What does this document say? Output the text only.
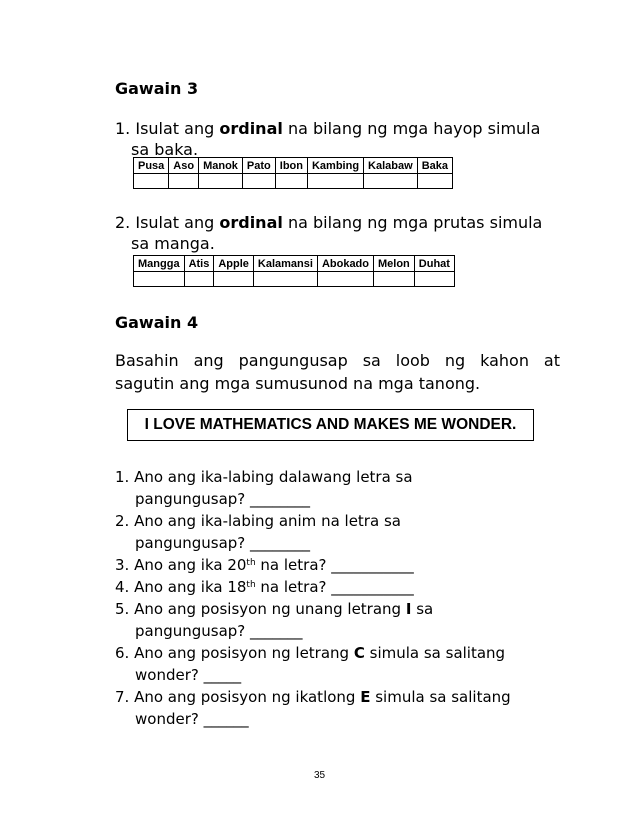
Gawain 3
1. Isulat ang ordinal na bilang ng mga hayop simula
sa baka.
Pusa	Aso	Manok	Pato	Ibon	Kambing	Kalabaw	Baka

2. Isulat ang ordinal na bilang ng mga prutas simula
sa manga.
Mangga	Atis	Apple	Kalamansi	Abokado	Melon	Duhat

Gawain 4
Basahin ang pangungusap sa loob ng kahon at
sagutin ang mga sumusunod na mga tanong.
I LOVE MATHEMATICS AND MAKES ME WONDER.
1. Ano ang ika-labing dalawang letra sa
pangungusap? ________
2. Ano ang ika-labing anim na letra sa
pangungusap? ________
3. Ano ang ika 20th na letra? ___________
4. Ano ang ika 18th na letra? ___________
5. Ano ang posisyon ng unang letrang I sa
pangungusap? _______
6. Ano ang posisyon ng letrang C simula sa salitang
wonder? _____
7. Ano ang posisyon ng ikatlong E simula sa salitang
wonder? ______
35
